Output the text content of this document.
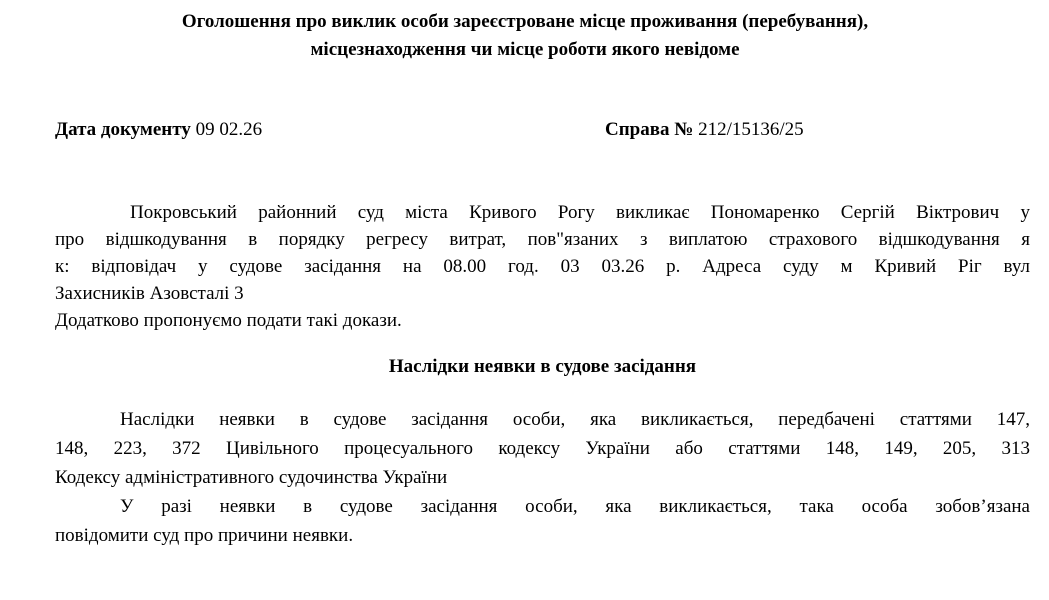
Оголошення про виклик особи зареєстроване місце проживання (перебування),
місцезнаходження чи місце роботи якого невідоме
Дата документу 09 02.26	Справа № 212/15136/25
Покровський районний суд міста Кривого Рогу викликає Пономаренко Сергій Віктрович у
про відшкодування в порядку регресу витрат, пов"язаних з виплатою страхового відшкодування я
к: відповідач у судове засідання на 08.00 год. 03 03.26 р. Адреса суду м Кривий Ріг вул
Захисників Азовсталі 3
Додатково пропонуємо подати такі докази.
Наслідки неявки в судове засідання
Наслідки неявки в судове засідання особи, яка викликається, передбачені статтями 147,
148, 223, 372 Цивільного процесуального кодексу України або статтями 148, 149, 205, 313
Кодексу адміністративного судочинства України
У разі неявки в судове засідання особи, яка викликається, така особа зобов’язана
повідомити суд про причини неявки.
